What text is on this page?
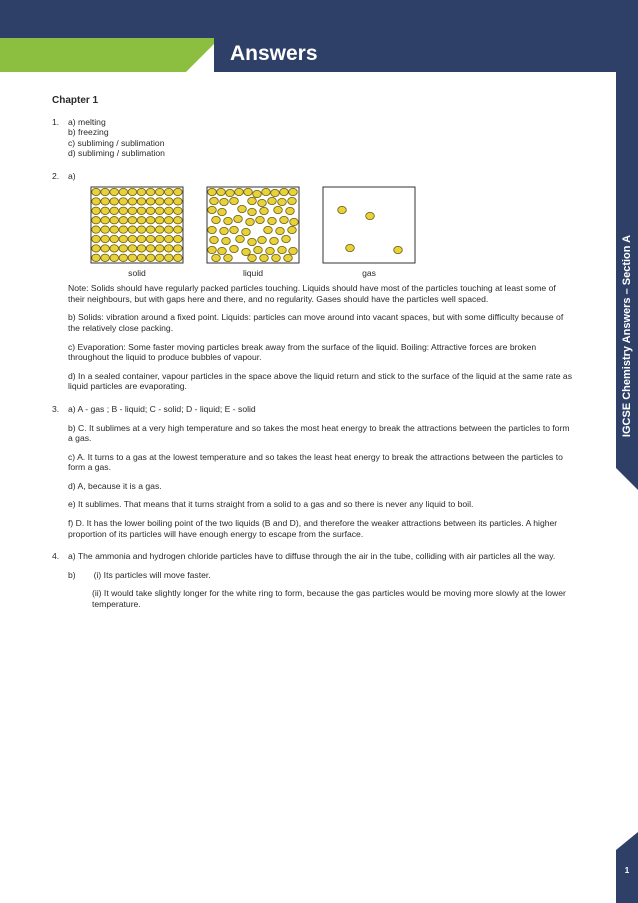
Answers
IGCSE Chemistry Answers – Section A
1
Chapter 1
1. a) melting

b) freezing

c) subliming / sublimation

d) subliming / sublimation

2. a)

solid	liquid	gas

Note: Solids should have regularly packed particles touching. Liquids should have most of the particles touching at least some of their neighbours, but with gaps here and there, and no regularity. Gases should have the particles well spaced.

b) Solids: vibration around a fixed point. Liquids: particles can move around into vacant spaces, but with some difficulty because of the relatively close packing.

c) Evaporation: Some faster moving particles break away from the surface of the liquid. Boiling: Attractive forces are broken throughout the liquid to produce bubbles of vapour.

d) In a sealed container, vapour particles in the space above the liquid return and stick to the surface of the liquid at the same rate as liquid particles are evaporating.

3. a) A - gas ; B - liquid; C - solid; D - liquid; E - solid

b) C. It sublimes at a very high temperature and so takes the most heat energy to break the attractions between the particles to form a gas.

c) A. It turns to a gas at the lowest temperature and so takes the least heat energy to break the attractions between the particles to form a gas.

d) A, because it is a gas.

e) It sublimes. That means that it turns straight from a solid to a gas and so there is never any liquid to boil.

f) D. It has the lower boiling point of the two liquids (B and D), and therefore the weaker attractions between its particles. A higher proportion of its particles will have enough energy to escape from the surface.

4. a) The ammonia and hydrogen chloride particles have to diffuse through the air in the tube, colliding with air particles all the way.

b) (i) Its particles will move faster.

(ii) It would take slightly longer for the white ring to form, because the gas particles would be moving more slowly at the lower temperature.
